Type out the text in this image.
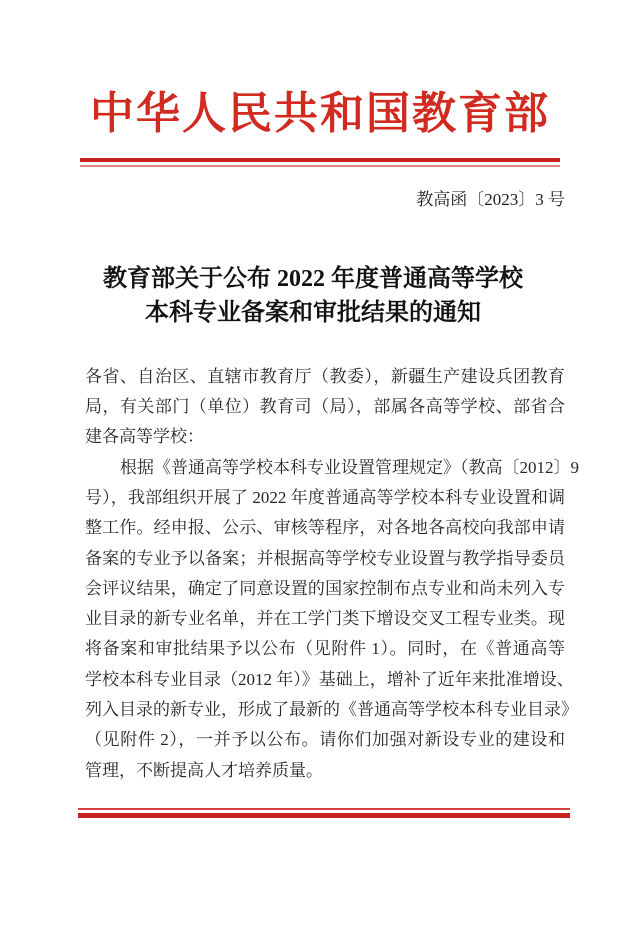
中华人民共和国教育部
教高函〔2023〕3 号
教育部关于公布 2022 年度普通高等学校
本科专业备案和审批结果的通知
各省、自治区、直辖市教育厅（教委），新疆生产建设兵团教育
局，有关部门（单位）教育司（局），部属各高等学校、部省合
建各高等学校：
根据《普通高等学校本科专业设置管理规定》（教高〔2012〕9
号），我部组织开展了 2022 年度普通高等学校本科专业设置和调
整工作。经申报、公示、审核等程序，对各地各高校向我部申请
备案的专业予以备案；并根据高等学校专业设置与教学指导委员
会评议结果，确定了同意设置的国家控制布点专业和尚未列入专
业目录的新专业名单，并在工学门类下增设交叉工程专业类。现
将备案和审批结果予以公布（见附件 1）。同时，在《普通高等
学校本科专业目录（2012 年）》基础上，增补了近年来批准增设、
列入目录的新专业，形成了最新的《普通高等学校本科专业目录》
（见附件 2），一并予以公布。请你们加强对新设专业的建设和
管理，不断提高人才培养质量。
